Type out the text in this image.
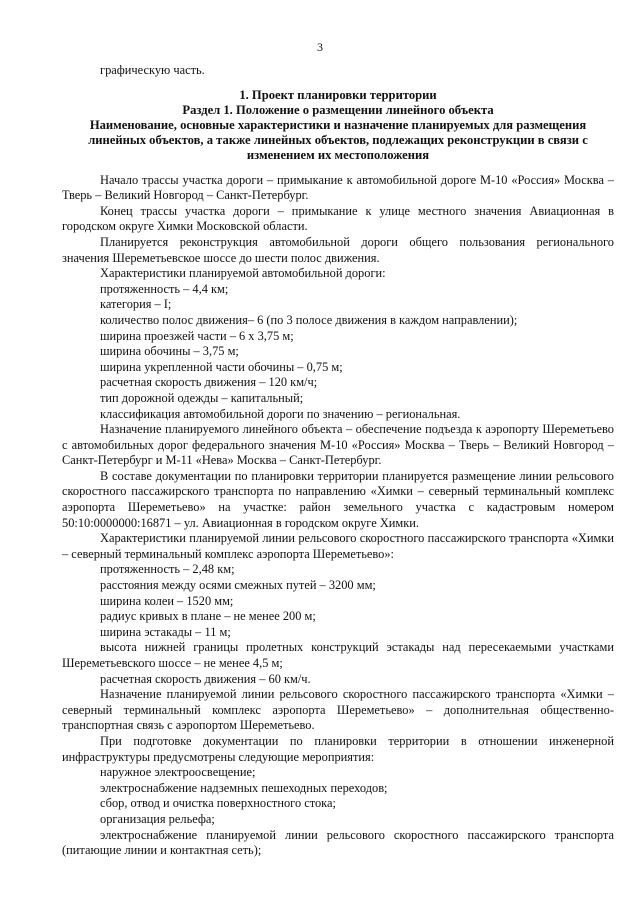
3

графическую часть.

1. Проект планировки территории

Раздел 1. Положение о размещении линейного объекта

Наименование, основные характеристики и назначение планируемых для размещения линейных объектов, а также линейных объектов, подлежащих реконструкции в связи с изменением их местоположения

Начало трассы участка дороги – примыкание к автомобильной дороге М-10 «Россия» Москва – Тверь – Великий Новгород – Санкт-Петербург.

Конец трассы участка дороги – примыкание к улице местного значения Авиационная в городском округе Химки Московской области.

Планируется реконструкция автомобильной дороги общего пользования регионального значения Шереметьевское шоссе до шести полос движения.

Характеристики планируемой автомобильной дороги:

протяженность – 4,4 км;

категория – I;

количество полос движения– 6 (по 3 полосе движения в каждом направлении);

ширина проезжей части – 6 х 3,75 м;

ширина обочины – 3,75 м;

ширина укрепленной части обочины – 0,75 м;

расчетная скорость движения – 120 км/ч;

тип дорожной одежды – капитальный;

классификация автомобильной дороги по значению – региональная.

Назначение планируемого линейного объекта – обеспечение подъезда к аэропорту Шереметьево с автомобильных дорог федерального значения М-10 «Россия» Москва – Тверь – Великий Новгород – Санкт-Петербург и М-11 «Нева» Москва – Санкт-Петербург.

В составе документации по планировки территории планируется размещение линии рельсового скоростного пассажирского транспорта по направлению «Химки – северный терминальный комплекс аэропорта Шереметьево» на участке: район земельного участка с кадастровым номером 50:10:0000000:16871 – ул. Авиационная в городском округе Химки.

Характеристики планируемой линии рельсового скоростного пассажирского транспорта «Химки – северный терминальный комплекс аэропорта Шереметьево»:

протяженность – 2,48 км;

расстояния между осями смежных путей – 3200 мм;

ширина колеи – 1520 мм;

радиус кривых в плане – не менее 200 м;

ширина эстакады – 11 м;

высота нижней границы пролетных конструкций эстакады над пересекаемыми участками Шереметьевского шоссе – не менее 4,5 м;

расчетная скорость движения – 60 км/ч.

Назначение планируемой линии рельсового скоростного пассажирского транспорта «Химки – северный терминальный комплекс аэропорта Шереметьево» – дополнительная общественно-транспортная связь с аэропортом Шереметьево.

При подготовке документации по планировки территории в отношении инженерной инфраструктуры предусмотрены следующие мероприятия:

наружное электроосвещение;

электроснабжение надземных пешеходных переходов;

сбор, отвод и очистка поверхностного стока;

организация рельефа;

электроснабжение планируемой линии рельсового скоростного пассажирского транспорта (питающие линии и контактная сеть);
